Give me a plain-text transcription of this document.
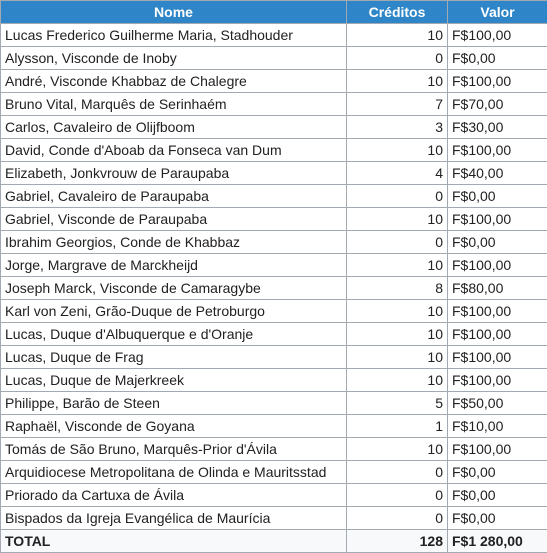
Nome	Créditos	Valor
Lucas Frederico Guilherme Maria, Stadhouder	10	F$100,00
Alysson, Visconde de Inoby	0	F$0,00
André, Visconde Khabbaz de Chalegre	10	F$100,00
Bruno Vital, Marquês de Serinhaém	7	F$70,00
Carlos, Cavaleiro de Olijfboom	3	F$30,00
David, Conde d'Aboab da Fonseca van Dum	10	F$100,00
Elizabeth, Jonkvrouw de Paraupaba	4	F$40,00
Gabriel, Cavaleiro de Paraupaba	0	F$0,00
Gabriel, Visconde de Paraupaba	10	F$100,00
Ibrahim Georgios, Conde de Khabbaz	0	F$0,00
Jorge, Margrave de Marckheijd	10	F$100,00
Joseph Marck, Visconde de Camaragybe	8	F$80,00
Karl von Zeni, Grão-Duque de Petroburgo	10	F$100,00
Lucas, Duque d'Albuquerque e d'Oranje	10	F$100,00
Lucas, Duque de Frag	10	F$100,00
Lucas, Duque de Majerkreek	10	F$100,00
Philippe, Barão de Steen	5	F$50,00
Raphaël, Visconde de Goyana	1	F$10,00
Tomás de São Bruno, Marquês-Prior d'Ávila	10	F$100,00
Arquidiocese Metropolitana de Olinda e Mauritsstad	0	F$0,00
Priorado da Cartuxa de Ávila	0	F$0,00
Bispados da Igreja Evangélica de Maurícia	0	F$0,00
TOTAL	128	F$1 280,00
